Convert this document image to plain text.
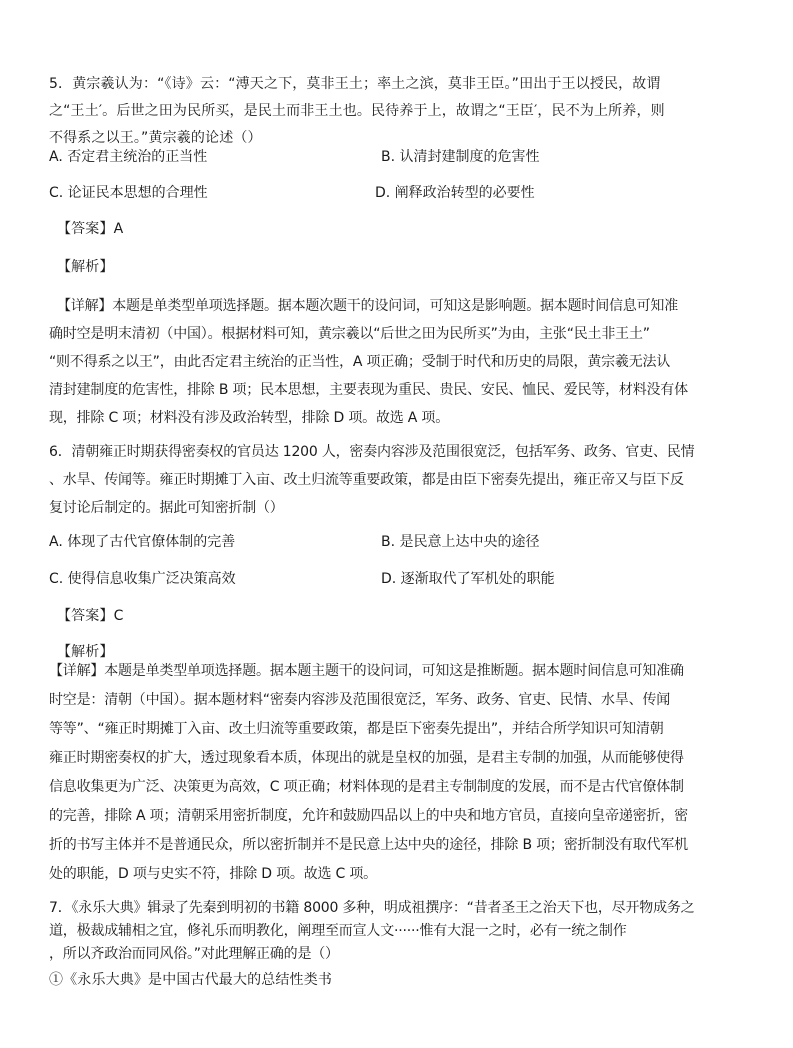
5．黄宗羲认为：“《诗》云：“溥天之下，莫非王土；率土之滨，莫非王臣。”田出于王以授民，故谓
之“王土′。后世之田为民所买，是民土而非王土也。民待养于上，故谓之“王臣′，民不为上所养，则
不得系之以王。”黄宗羲的论述（）
A. 否定君主统治的正当性	B. 认清封建制度的危害性
C. 论证民本思想的合理性	D. 阐释政治转型的必要性
【答案】A
【解析】
【详解】本题是单类型单项选择题。据本题次题干的设问词，可知这是影响题。据本题时间信息可知准
确时空是明末清初（中国）。根据材料可知，黄宗羲以“后世之田为民所买”为由，主张“民土非王土”
“则不得系之以王”，由此否定君主统治的正当性，A 项正确；受制于时代和历史的局限，黄宗羲无法认
清封建制度的危害性，排除 B 项；民本思想，主要表现为重民、贵民、安民、恤民、爱民等，材料没有体
现，排除 C 项；材料没有涉及政治转型，排除 D 项。故选 A 项。
6．清朝雍正时期获得密奏权的官员达 1200 人，密奏内容涉及范围很宽泛，包括军务、政务、官吏、民情
、水旱、传闻等。雍正时期摊丁入亩、改土归流等重要政策，都是由臣下密奏先提出，雍正帝又与臣下反
复讨论后制定的。据此可知密折制（）
A. 体现了古代官僚体制的完善	B. 是民意上达中央的途径
C. 使得信息收集广泛决策高效	D. 逐渐取代了军机处的职能
【答案】C
【解析】
【详解】本题是单类型单项选择题。据本题主题干的设问词，可知这是推断题。据本题时间信息可知准确
时空是：清朝（中国）。据本题材料“密奏内容涉及范围很宽泛，军务、政务、官吏、民情、水旱、传闻
等等”、“雍正时期摊丁入亩、改土归流等重要政策，都是臣下密奏先提出”，并结合所学知识可知清朝
雍正时期密奏权的扩大，透过现象看本质，体现出的就是皇权的加强，是君主专制的加强，从而能够使得
信息收集更为广泛、决策更为高效，C 项正确；材料体现的是君主专制制度的发展，而不是古代官僚体制
的完善，排除 A 项；清朝采用密折制度，允许和鼓励四品以上的中央和地方官员，直接向皇帝递密折，密
折的书写主体并不是普通民众，所以密折制并不是民意上达中央的途径，排除 B 项；密折制没有取代军机
处的职能，D 项与史实不符，排除 D 项。故选 C 项。
7．《永乐大典》辑录了先秦到明初的书籍 8000 多种，明成祖撰序：“昔者圣王之治天下也，尽开物成务之
道，极裁成辅相之宜，修礼乐而明教化，阐理至而宣人文······惟有大混一之时，必有一统之制作
，所以齐政治而同风俗。”对此理解正确的是（）
①《永乐大典》是中国古代最大的总结性类书
